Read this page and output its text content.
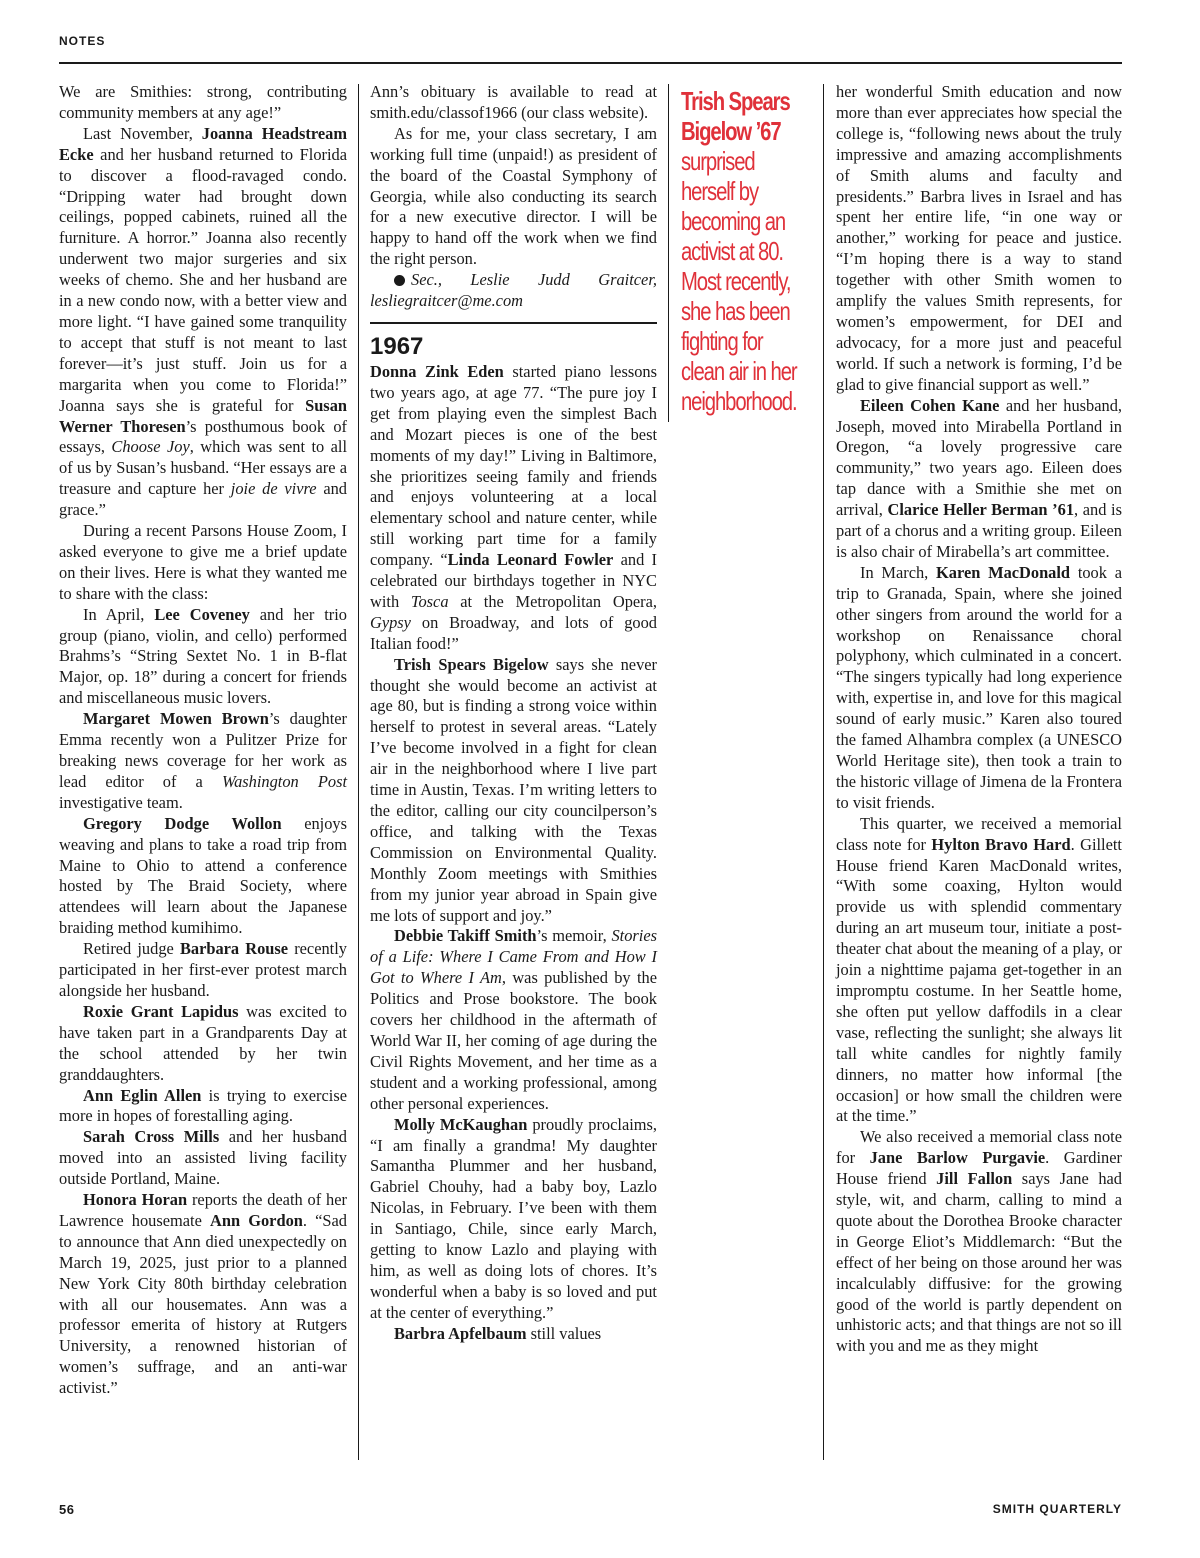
NOTES

We are Smithies: strong, contributing community members at any age!”

Last November, Joanna Headstream Ecke and her husband returned to Florida to discover a flood-ravaged condo. “Dripping water had brought down ceilings, popped cabinets, ruined all the furniture. A horror.” Joanna also recently underwent two major surgeries and six weeks of chemo. She and her husband are in a new condo now, with a better view and more light. “I have gained some tranquility to accept that stuff is not meant to last forever—it’s just stuff. Join us for a margarita when you come to Florida!” Joanna says she is grateful for Susan Werner Thoresen’s posthumous book of essays, Choose Joy, which was sent to all of us by Susan’s husband. “Her essays are a treasure and capture her joie de vivre and grace.”

During a recent Parsons House Zoom, I asked everyone to give me a brief update on their lives. Here is what they wanted me to share with the class:

In April, Lee Coveney and her trio group (piano, violin, and cello) performed Brahms’s “String Sextet No. 1 in B-flat Major, op. 18” during a concert for friends and miscellaneous music lovers.

Margaret Mowen Brown’s daughter Emma recently won a Pulitzer Prize for breaking news coverage for her work as lead editor of a Washington Post investigative team.

Gregory Dodge Wollon enjoys weaving and plans to take a road trip from Maine to Ohio to attend a conference hosted by The Braid Society, where attendees will learn about the Japanese braiding method kumihimo.

Retired judge Barbara Rouse recently participated in her first-ever protest march alongside her husband.

Roxie Grant Lapidus was excited to have taken part in a Grandparents Day at the school attended by her twin granddaughters.

Ann Eglin Allen is trying to exercise more in hopes of forestalling aging.

Sarah Cross Mills and her husband moved into an assisted living facility outside Portland, Maine.

Honora Horan reports the death of her Lawrence housemate Ann Gordon. “Sad to announce that Ann died unexpectedly on March 19, 2025, just prior to a planned New York City 80th birthday celebration with all our housemates. Ann was a professor emerita of history at Rutgers University, a renowned historian of women’s suffrage, and an anti-war activist.”

Ann’s obituary is available to read at smith.edu/classof1966 (our class website).

As for me, your class secretary, I am working full time (unpaid!) as president of the board of the Coastal Symphony of Georgia, while also conducting its search for a new executive director. I will be happy to hand off the work when we find the right person.

Sec., Leslie Judd Graitcer, lesliegraitcer@me.com

1967

Donna Zink Eden started piano lessons two years ago, at age 77. “The pure joy I get from playing even the simplest Bach and Mozart pieces is one of the best moments of my day!” Living in Baltimore, she prioritizes seeing family and friends and enjoys volunteering at a local elementary school and nature center, while still working part time for a family company. “Linda Leonard Fowler and I celebrated our birthdays together in NYC with Tosca at the Metropolitan Opera, Gypsy on Broadway, and lots of good Italian food!”

Trish Spears Bigelow says she never thought she would become an activist at age 80, but is finding a strong voice within herself to protest in several areas. “Lately I’ve become involved in a fight for clean air in the neighborhood where I live part time in Austin, Texas. I’m writing letters to the editor, calling our city councilperson’s office, and talking with the Texas Commission on Environmental Quality. Monthly Zoom meetings with Smithies from my junior year abroad in Spain give me lots of support and joy.”

Debbie Takiff Smith’s memoir, Stories of a Life: Where I Came From and How I Got to Where I Am, was published by the Politics and Prose bookstore. The book covers her childhood in the aftermath of World War II, her coming of age during the Civil Rights Movement, and her time as a student and a working professional, among other personal experiences.

Molly McKaughan proudly proclaims, “I am finally a grandma! My daughter Samantha Plummer and her husband, Gabriel Chouhy, had a baby boy, Lazlo Nicolas, in February. I’ve been with them in Santiago, Chile, since early March, getting to know Lazlo and playing with him, as well as doing lots of chores. It’s wonderful when a baby is so loved and put at the center of everything.”

Barbra Apfelbaum still values

Trish Spears Bigelow ’67 surprised herself by becoming an activist at 80. Most recently, she has been fighting for clean air in her neighborhood.

her wonderful Smith education and now more than ever appreciates how special the college is, “following news about the truly impressive and amazing accomplishments of Smith alums and faculty and presidents.” Barbra lives in Israel and has spent her entire life, “in one way or another,” working for peace and justice. “I’m hoping there is a way to stand together with other Smith women to amplify the values Smith represents, for women’s empowerment, for DEI and advocacy, for a more just and peaceful world. If such a network is forming, I’d be glad to give financial support as well.”

Eileen Cohen Kane and her husband, Joseph, moved into Mirabella Portland in Oregon, “a lovely progressive care community,” two years ago. Eileen does tap dance with a Smithie she met on arrival, Clarice Heller Berman ’61, and is part of a chorus and a writing group. Eileen is also chair of Mirabella’s art committee.

In March, Karen MacDonald took a trip to Granada, Spain, where she joined other singers from around the world for a workshop on Renaissance choral polyphony, which culminated in a concert. “The singers typically had long experience with, expertise in, and love for this magical sound of early music.” Karen also toured the famed Alhambra complex (a UNESCO World Heritage site), then took a train to the historic village of Jimena de la Frontera to visit friends.

This quarter, we received a memorial class note for Hylton Bravo Hard. Gillett House friend Karen MacDonald writes, “With some coaxing, Hylton would provide us with splendid commentary during an art museum tour, initiate a post-theater chat about the meaning of a play, or join a nighttime pajama get-together in an impromptu costume. In her Seattle home, she often put yellow daffodils in a clear vase, reflecting the sunlight; she always lit tall white candles for nightly family dinners, no matter how informal [the occasion] or how small the children were at the time.”

We also received a memorial class note for Jane Barlow Purgavie. Gardiner House friend Jill Fallon says Jane had style, wit, and charm, calling to mind a quote about the Dorothea Brooke character in George Eliot’s Middlemarch: “But the effect of her being on those around her was incalculably diffusive: for the growing good of the world is partly dependent on unhistoric acts; and that things are not so ill with you and me as they might

56	SMITH QUARTERLY
